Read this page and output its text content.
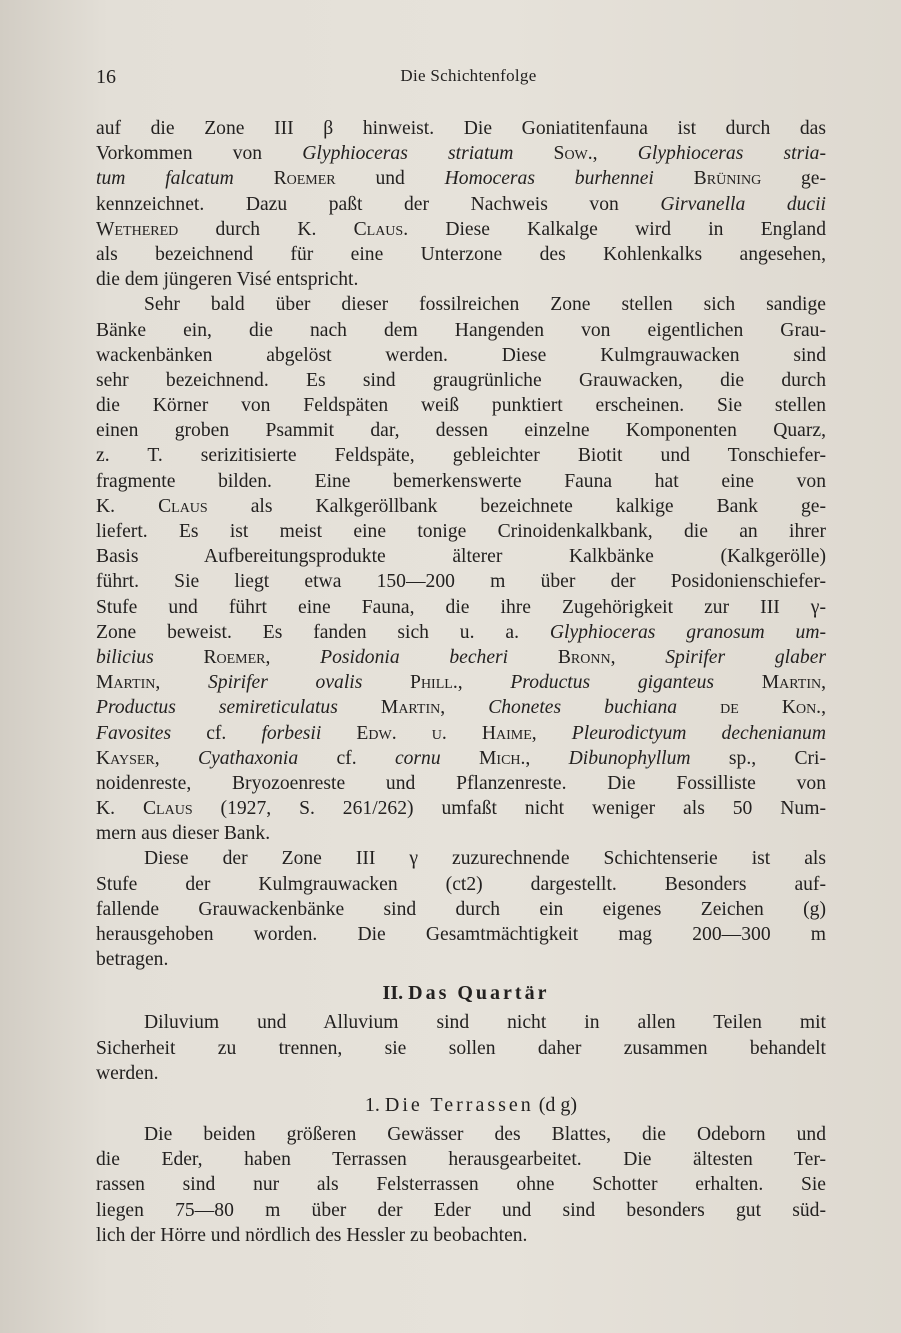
16	Die Schichtenfolge
auf die Zone III β hinweist. Die Goniatitenfauna ist durch das
Vorkommen von Glyphioceras striatum Sow., Glyphioceras stria-
tum falcatum Roemer und Homoceras burhennei Brüning ge-
kennzeichnet. Dazu paßt der Nachweis von Girvanella ducii
Wethered durch K. Claus. Diese Kalkalge wird in England
als bezeichnend für eine Unterzone des Kohlenkalks angesehen,
die dem jüngeren Visé entspricht.
Sehr bald über dieser fossilreichen Zone stellen sich sandige
Bänke ein, die nach dem Hangenden von eigentlichen Grau-
wackenbänken abgelöst werden. Diese Kulmgrauwacken sind
sehr bezeichnend. Es sind graugrünliche Grauwacken, die durch
die Körner von Feldspäten weiß punktiert erscheinen. Sie stellen
einen groben Psammit dar, dessen einzelne Komponenten Quarz,
z. T. serizitisierte Feldspäte, gebleichter Biotit und Tonschiefer-
fragmente bilden. Eine bemerkenswerte Fauna hat eine von
K. Claus als Kalkgeröllbank bezeichnete kalkige Bank ge-
liefert. Es ist meist eine tonige Crinoidenkalkbank, die an ihrer
Basis Aufbereitungsprodukte älterer Kalkbänke (Kalkgerölle)
führt. Sie liegt etwa 150—200 m über der Posidonienschiefer-
Stufe und führt eine Fauna, die ihre Zugehörigkeit zur III γ-
Zone beweist. Es fanden sich u. a. Glyphioceras granosum um-
bilicius Roemer, Posidonia becheri Bronn, Spirifer glaber
Martin, Spirifer ovalis Phill., Productus giganteus Martin,
Productus semireticulatus Martin, Chonetes buchiana de Kon.,
Favosites cf. forbesii Edw. u. Haime, Pleurodictyum dechenianum
Kayser, Cyathaxonia cf. cornu Mich., Dibunophyllum sp., Cri-
noidenreste, Bryozoenreste und Pflanzenreste. Die Fossilliste von
K. Claus (1927, S. 261/262) umfaßt nicht weniger als 50 Num-
mern aus dieser Bank.
Diese der Zone III γ zuzurechnende Schichtenserie ist als
Stufe der Kulmgrauwacken (ct2) dargestellt. Besonders auf-
fallende Grauwackenbänke sind durch ein eigenes Zeichen (g)
herausgehoben worden. Die Gesamtmächtigkeit mag 200—300 m
betragen.
II. Das Quartär
Diluvium und Alluvium sind nicht in allen Teilen mit
Sicherheit zu trennen, sie sollen daher zusammen behandelt
werden.
1. Die Terrassen (d g)
Die beiden größeren Gewässer des Blattes, die Odeborn und
die Eder, haben Terrassen herausgearbeitet. Die ältesten Ter-
rassen sind nur als Felsterrassen ohne Schotter erhalten. Sie
liegen 75—80 m über der Eder und sind besonders gut süd-
lich der Hörre und nördlich des Hessler zu beobachten.
